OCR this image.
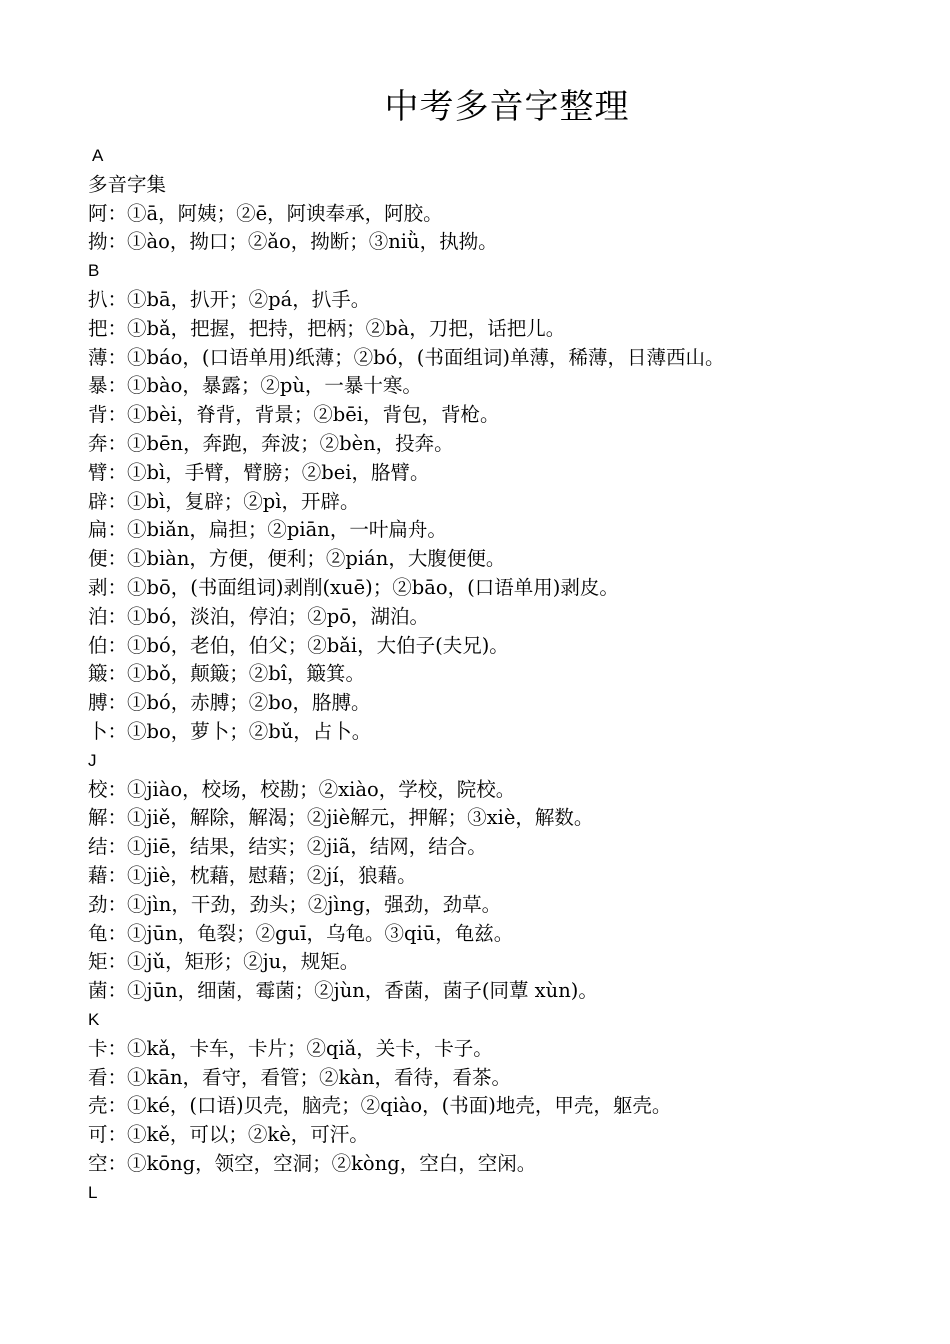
中考多音字整理
A
多音字集
阿：①ā，阿姨；②ē，阿谀奉承，阿胶。
拗：①ào，拗口；②ǎo，拗断；③niǜ，执拗。
B
扒：①bā，扒开；②pá，扒手。
把：①bǎ，把握，把持，把柄；②bà，刀把，话把儿。
薄：①báo，(口语单用)纸薄；②bó，(书面组词)单薄，稀薄，日薄西山。
暴：①bào，暴露；②pù，一暴十寒。
背：①bèi，脊背，背景；②bēi，背包，背枪。
奔：①bēn，奔跑，奔波；②bèn，投奔。
臂：①bì，手臂，臂膀；②bei，胳臂。
辟：①bì，复辟；②pì，开辟。
扁：①biǎn，扁担；②piān，一叶扁舟。
便：①biàn，方便，便利；②pián，大腹便便。
剥：①bō，(书面组词)剥削(xuē)；②bāo，(口语单用)剥皮。
泊：①bó，淡泊，停泊；②pō，湖泊。
伯：①bó，老伯，伯父；②bǎi，大伯子(夫兄)。
簸：①bǒ，颠簸；②bî，簸箕。
膊：①bó，赤膊；②bo，胳膊。
卜：①bo，萝卜；②bǔ，占卜。
J
校：①jiào，校场，校勘；②xiào，学校，院校。
解：①jiě，解除，解渴；②jiè解元，押解；③xiè，解数。
结：①jiē，结果，结实；②jiã，结网，结合。
藉：①jiè，枕藉，慰藉；②jí，狼藉。
劲：①jìn，干劲，劲头；②jìng，强劲，劲草。
龟：①jūn，龟裂；②guī，乌龟。③qiū，龟兹。
矩：①jǔ，矩形；②ju，规矩。
菌：①jūn，细菌，霉菌；②jùn，香菌，菌子(同蕈 xùn)。
K
卡：①kǎ，卡车，卡片；②qiǎ，关卡，卡子。
看：①kān，看守，看管；②kàn，看待，看茶。
壳：①ké，(口语)贝壳，脑壳；②qiào，(书面)地壳，甲壳，躯壳。
可：①kě，可以；②kè，可汗。
空：①kōng，领空，空洞；②kòng，空白，空闲。
L
